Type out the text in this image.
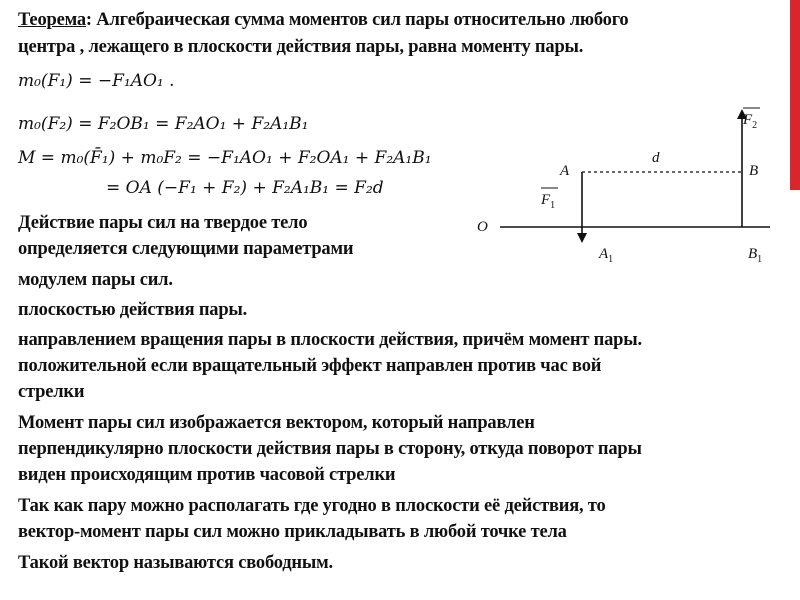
Теорема: Алгебраическая сумма моментов сил пары относительно любого
центра , лежащего в плоскости действия пары, равна моменту пары.
m₀(F₁) = −F₁AO₁ .
m₀(F₂) = F₂OB₁ = F₂AO₁ + F₂A₁B₁
M = m₀(F̄₁) + m₀F₂ = −F₁AO₁ + F₂OA₁ + F₂A₁B₁
= OA (−F₁ + F₂) + F₂A₁B₁ = F₂d
$F_2$
$F_1$
A	B
d
O
$A_1$	$B_1$
Действие пары сил на твердое тело
определяется следующими параметрами
модулем пары сил.
плоскостью действия пары.
направлением вращения пары в плоскости действия, причём момент пары.
положительной если вращательный эффект направлен против час вой
стрелки
Момент пары сил изображается вектором, который направлен
перпендикулярно плоскости действия пары в сторону, откуда поворот пары
виден происходящим против часовой стрелки
Так как пару можно располагать где угодно в плоскости её действия, то
вектор-момент пары сил можно прикладывать в любой точке тела
Такой вектор называются свободным.
